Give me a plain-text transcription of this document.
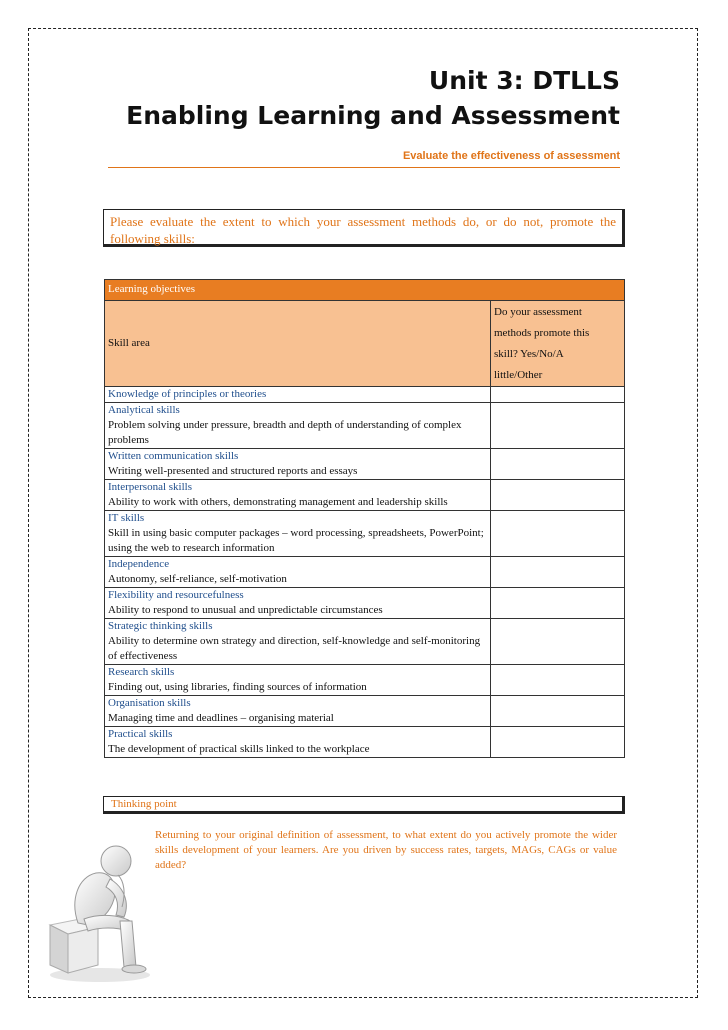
Unit 3: DTLLS
Enabling Learning and Assessment
Evaluate the effectiveness of assessment
Please evaluate the extent to which your assessment methods do, or do not, promote the following skills:
Learning objectives	
Skill area	Do your assessment
methods promote this
skill? Yes/No/A
little/Other

Knowledge of principles or theories	

Analytical skills
Problem solving under pressure, breadth and depth of understanding of complex problems	

Written communication skills
Writing well-presented and structured reports and essays	

Interpersonal skills
Ability to work with others, demonstrating management and leadership skills	

IT skills
Skill in using basic computer packages – word processing, spreadsheets, PowerPoint; using the web to research information	

Independence
Autonomy, self-reliance, self-motivation	

Flexibility and resourcefulness
Ability to respond to unusual and unpredictable circumstances	

Strategic thinking skills
Ability to determine own strategy and direction, self-knowledge and self-monitoring of effectiveness	

Research skills
Finding out, using libraries, finding sources of information	

Organisation skills
Managing time and deadlines – organising material	

Practical skills
The development of practical skills linked to the workplace	

Thinking point
Returning to your original definition of assessment, to what extent do you actively promote the wider skills development of your learners. Are you driven by success rates, targets, MAGs, CAGs or value added?
